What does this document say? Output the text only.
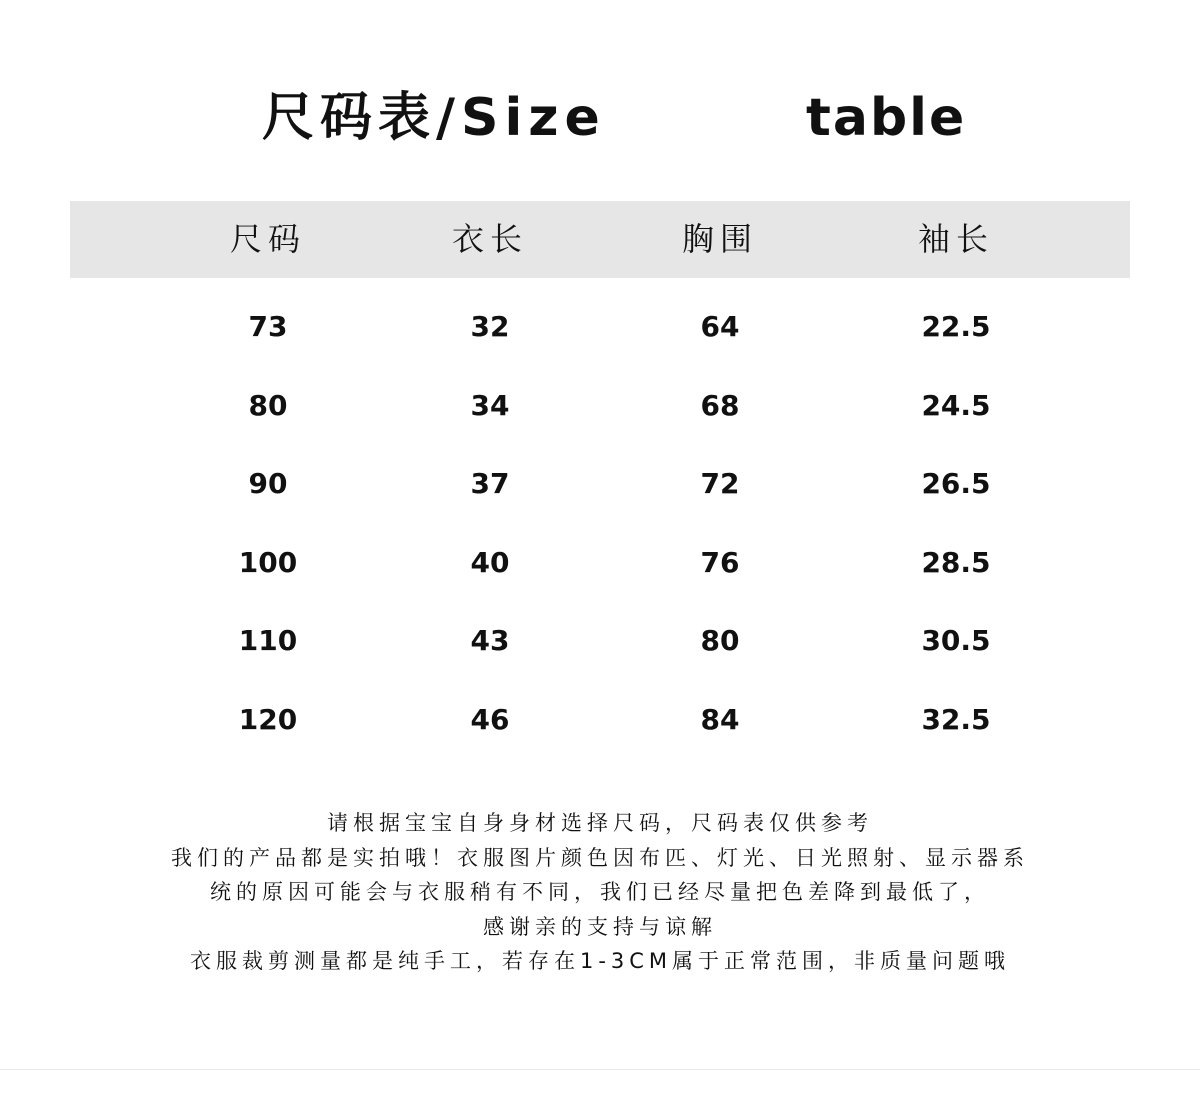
尺码表/Size	table
尺码	衣长	胸围	袖长
73	32	64	22.5
80	34	68	24.5
90	37	72	26.5
100	40	76	28.5
110	43	80	30.5
120	46	84	32.5
请根据宝宝自身身材选择尺码，尺码表仅供参考
我们的产品都是实拍哦！衣服图片颜色因布匹、灯光、日光照射、显示器系
统的原因可能会与衣服稍有不同，我们已经尽量把色差降到最低了，
感谢亲的支持与谅解
衣服裁剪测量都是纯手工，若存在1-3CM属于正常范围，非质量问题哦
